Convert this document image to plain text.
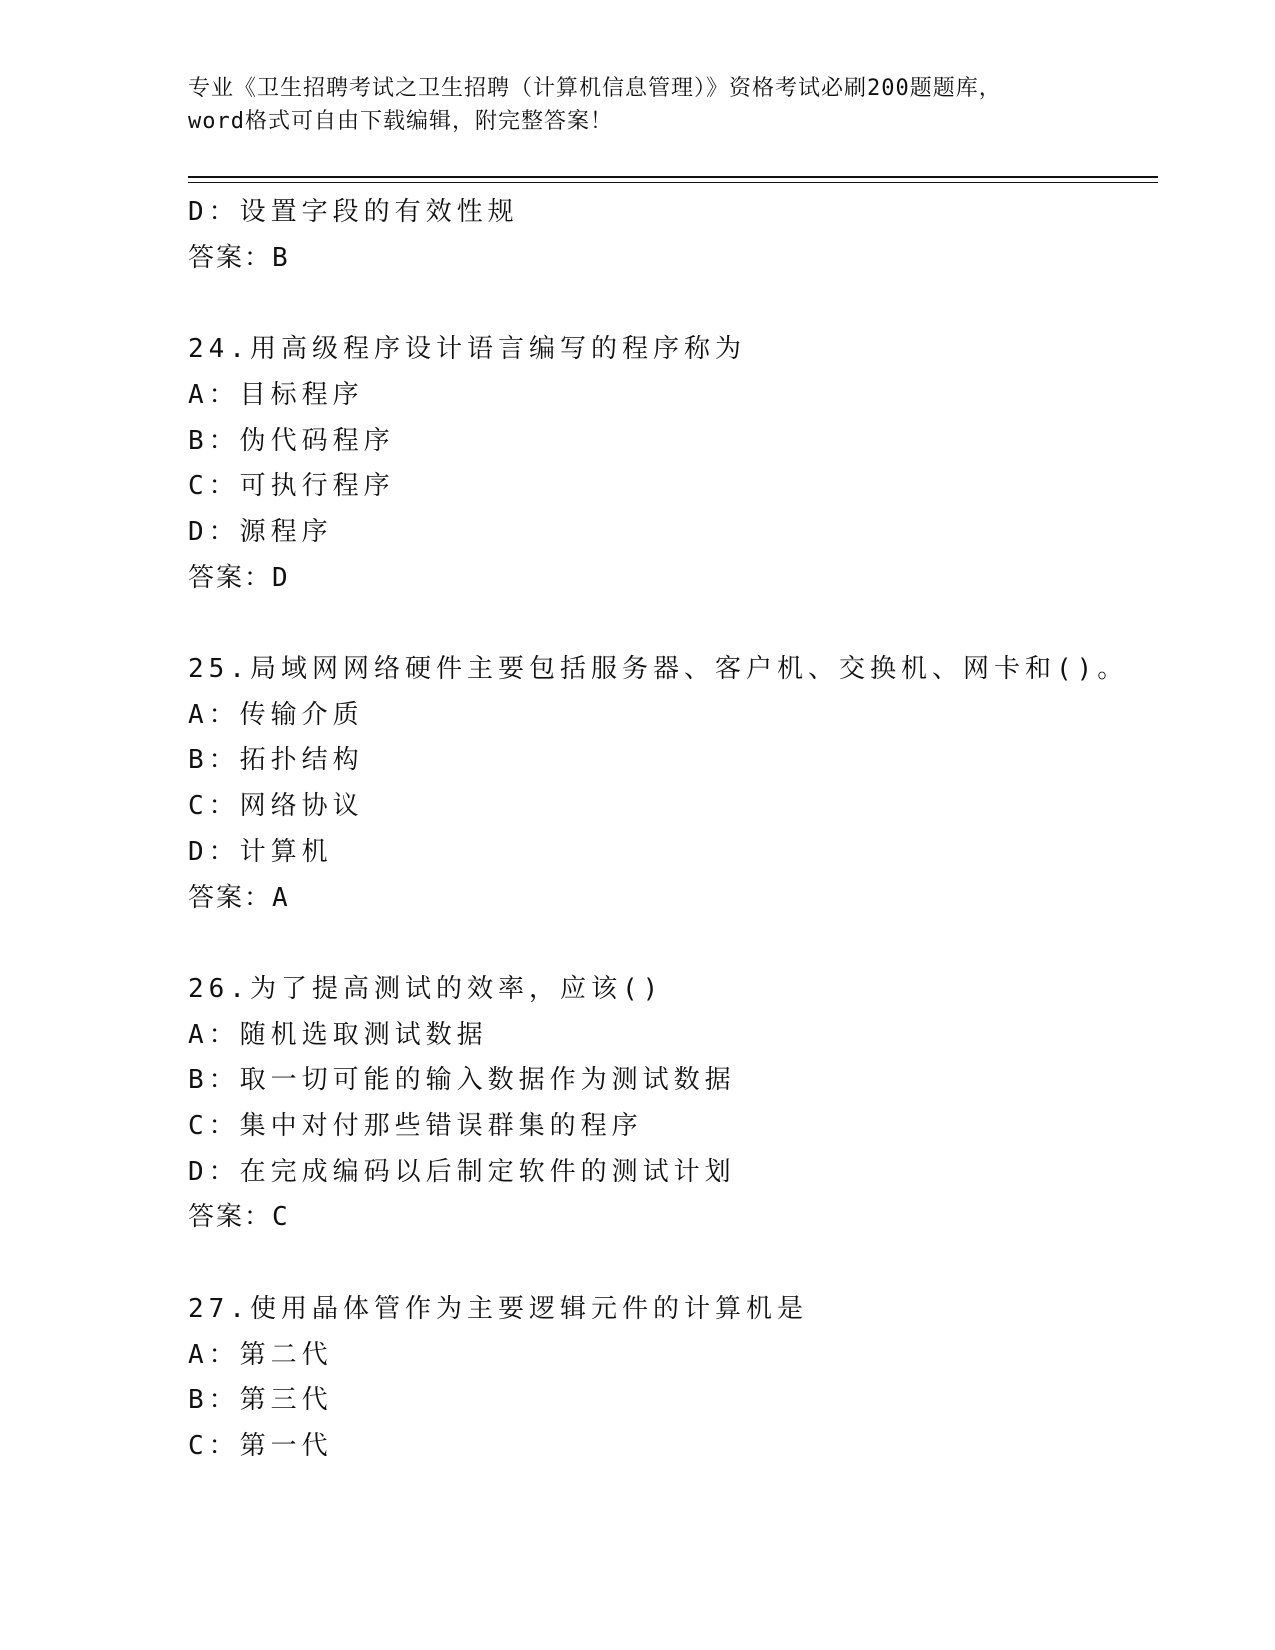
专业《卫生招聘考试之卫生招聘（计算机信息管理）》资格考试必刷200题题库，
word格式可自由下载编辑，附完整答案！
D：设置字段的有效性规
答案：B
24.用高级程序设计语言编写的程序称为
A：目标程序
B：伪代码程序
C：可执行程序
D：源程序
答案：D
25.局域网网络硬件主要包括服务器、客户机、交换机、网卡和()。
A：传输介质
B：拓扑结构
C：网络协议
D：计算机
答案：A
26.为了提高测试的效率，应该()
A：随机选取测试数据
B：取一切可能的输入数据作为测试数据
C：集中对付那些错误群集的程序
D：在完成编码以后制定软件的测试计划
答案：C
27.使用晶体管作为主要逻辑元件的计算机是
A：第二代
B：第三代
C：第一代
